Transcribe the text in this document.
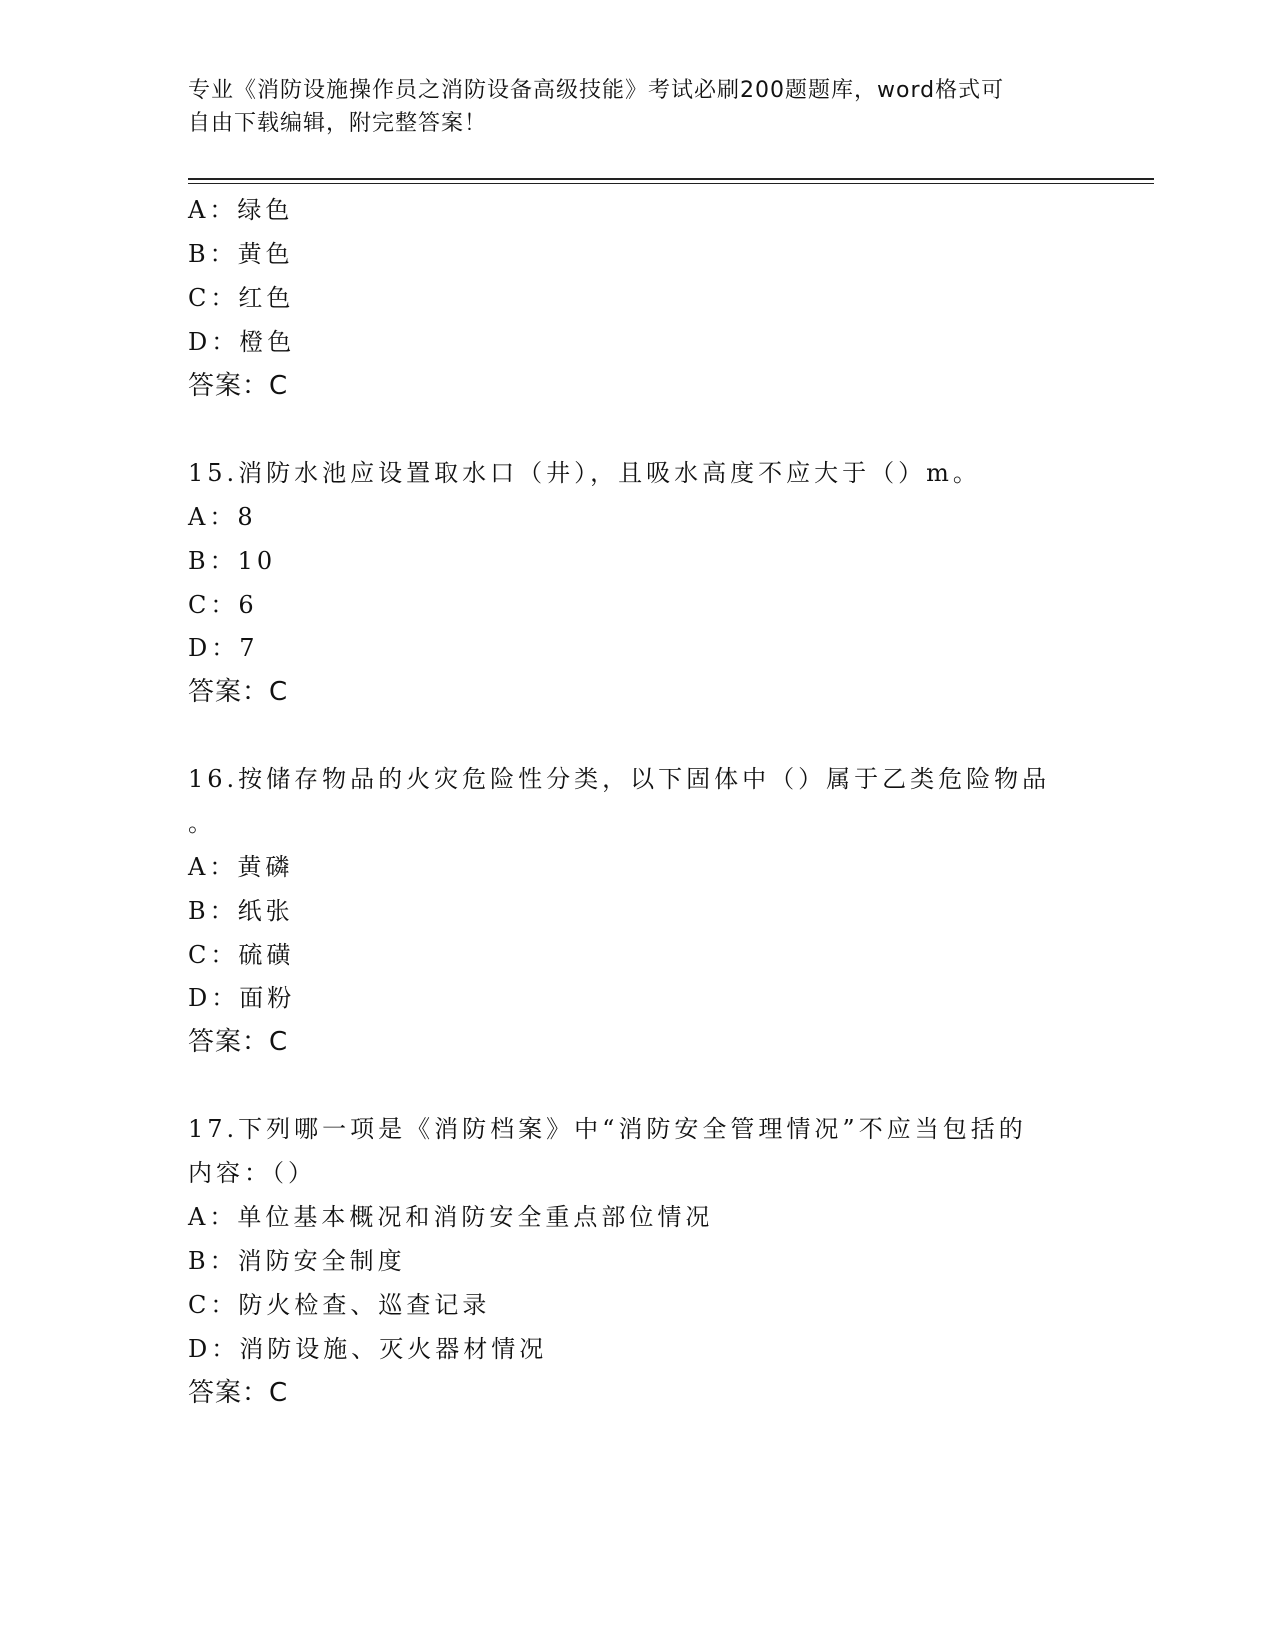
专业《消防设施操作员之消防设备高级技能》考试必刷200题题库，word格式可
自由下载编辑，附完整答案！
A：绿色
B：黄色
C：红色
D：橙色
答案：C
15.消防水池应设置取水口（井），且吸水高度不应大于（）m。
A：8
B：10
C：6
D：7
答案：C
16.按储存物品的火灾危险性分类，以下固体中（）属于乙类危险物品
。
A：黄磷
B：纸张
C：硫磺
D：面粉
答案：C
17.下列哪一项是《消防档案》中“消防安全管理情况”不应当包括的
内容：（）
A：单位基本概况和消防安全重点部位情况
B：消防安全制度
C：防火检查、巡查记录
D：消防设施、灭火器材情况
答案：C
